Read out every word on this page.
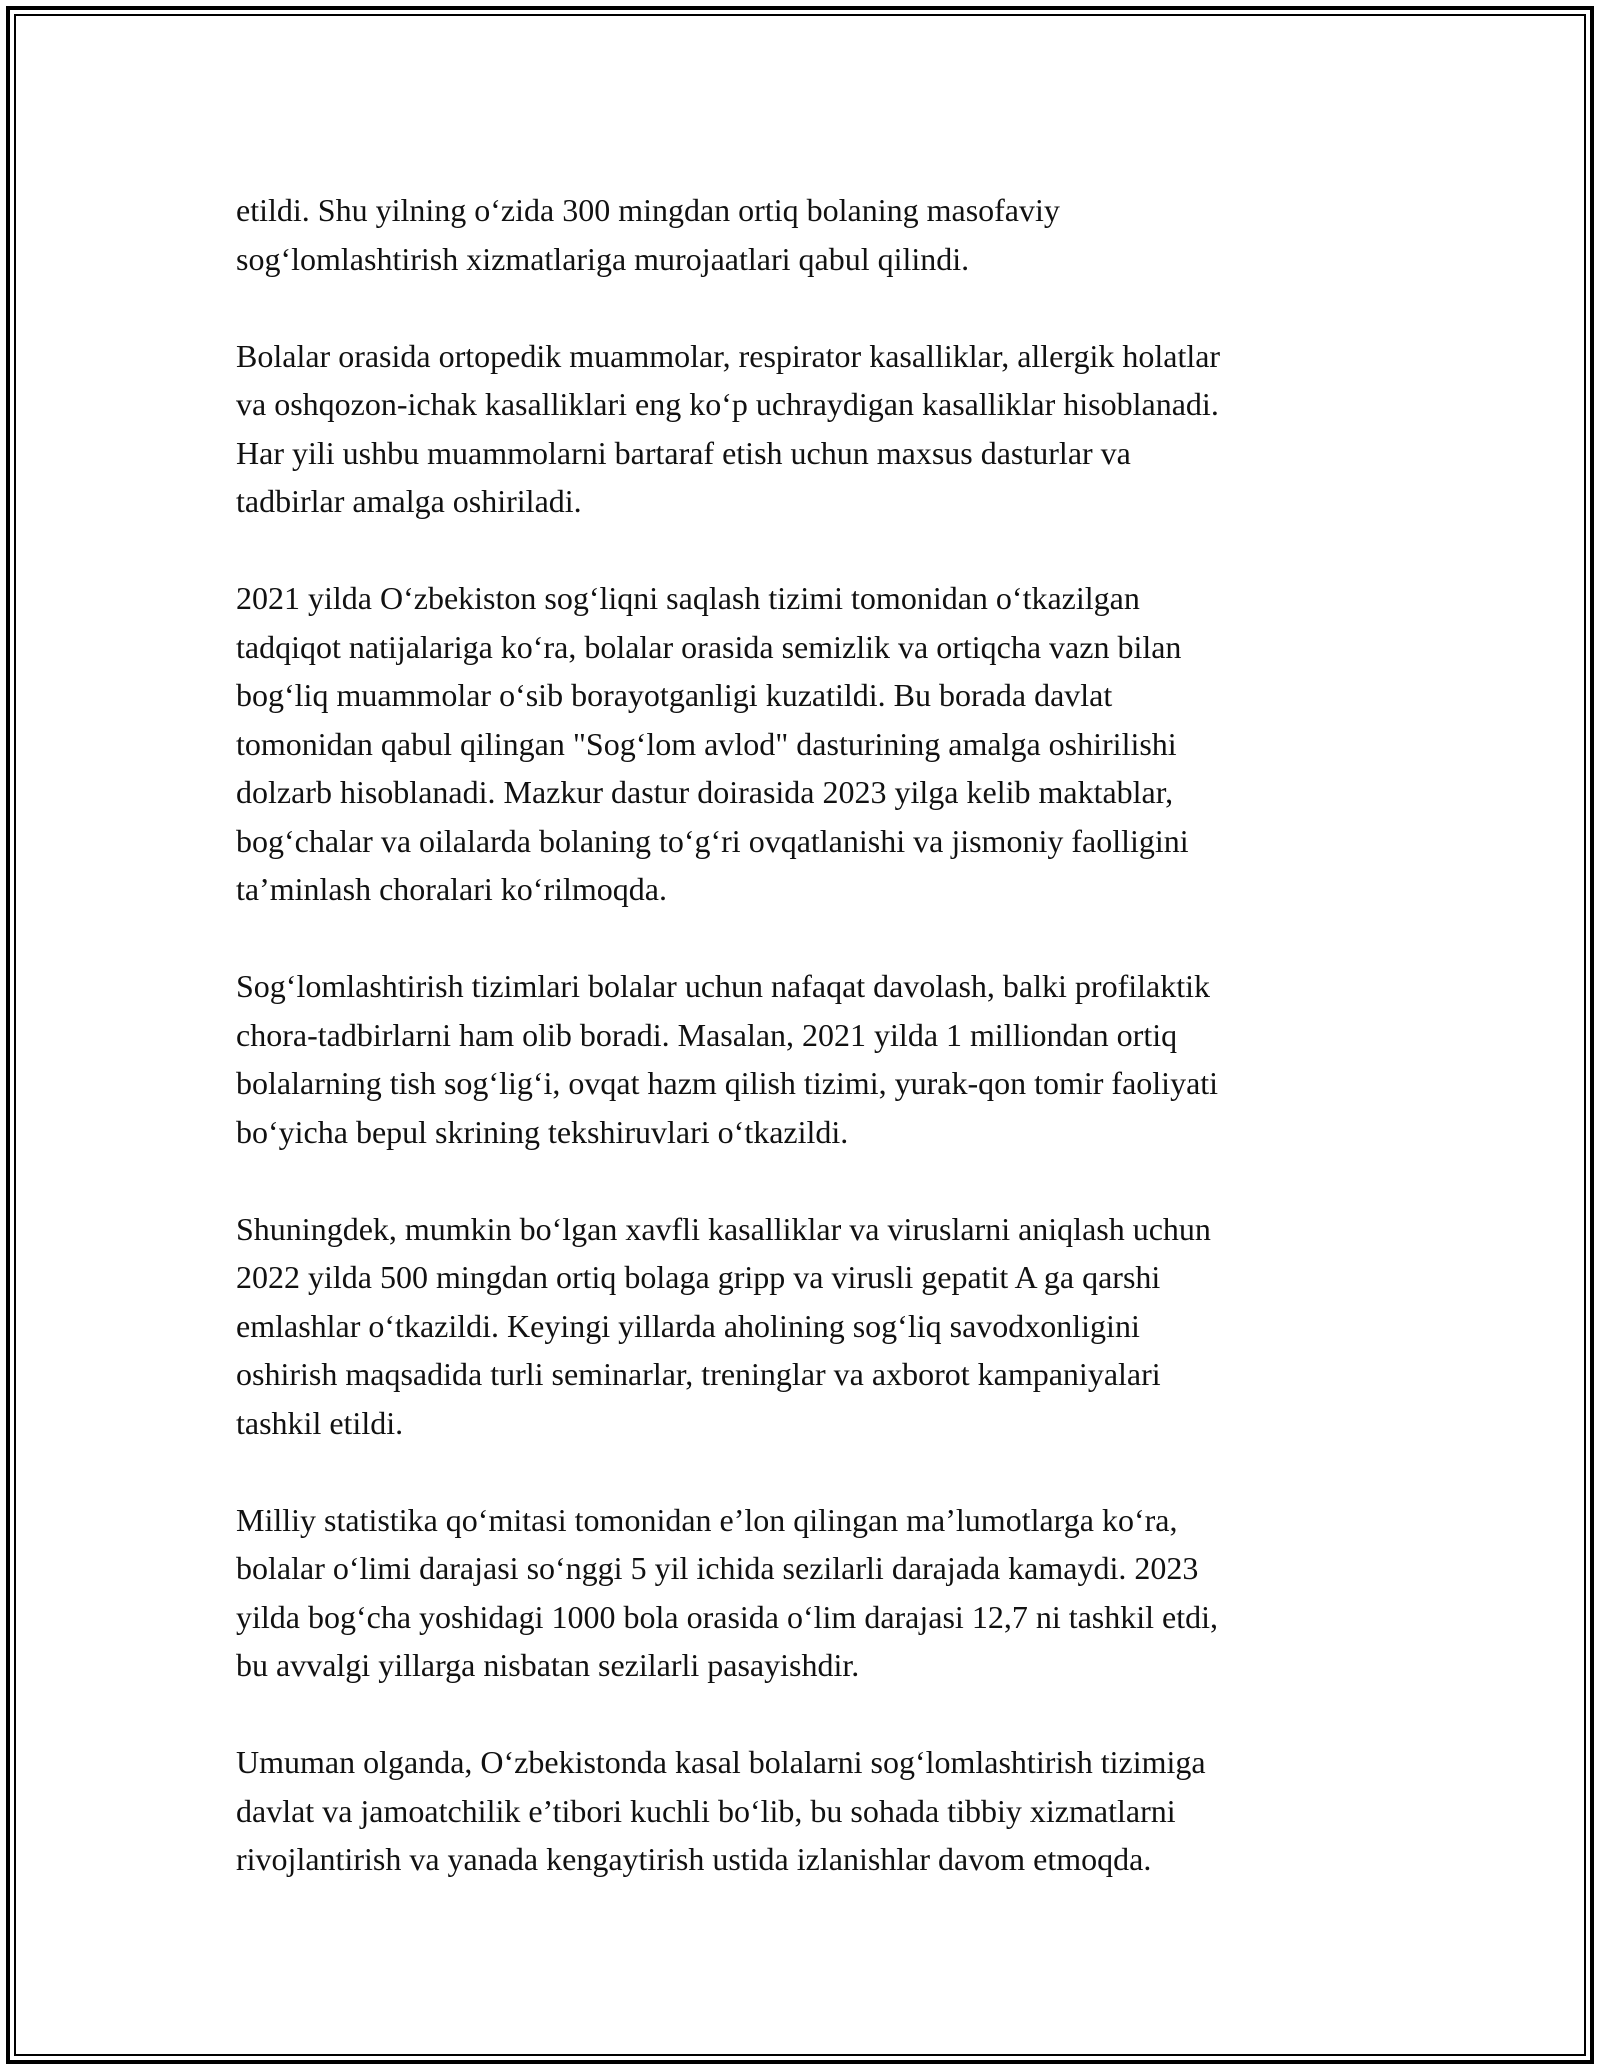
etildi. Shu yilning o‘zida 300 mingdan ortiq bolaning masofaviy
sog‘lomlashtirish xizmatlariga murojaatlari qabul qilindi.

Bolalar orasida ortopedik muammolar, respirator kasalliklar, allergik holatlar
va oshqozon-ichak kasalliklari eng ko‘p uchraydigan kasalliklar hisoblanadi.
Har yili ushbu muammolarni bartaraf etish uchun maxsus dasturlar va
tadbirlar amalga oshiriladi.

2021 yilda O‘zbekiston sog‘liqni saqlash tizimi tomonidan o‘tkazilgan
tadqiqot natijalariga ko‘ra, bolalar orasida semizlik va ortiqcha vazn bilan
bog‘liq muammolar o‘sib borayotganligi kuzatildi. Bu borada davlat
tomonidan qabul qilingan "Sog‘lom avlod" dasturining amalga oshirilishi
dolzarb hisoblanadi. Mazkur dastur doirasida 2023 yilga kelib maktablar,
bog‘chalar va oilalarda bolaning to‘g‘ri ovqatlanishi va jismoniy faolligini
ta’minlash choralari ko‘rilmoqda.

Sog‘lomlashtirish tizimlari bolalar uchun nafaqat davolash, balki profilaktik
chora-tadbirlarni ham olib boradi. Masalan, 2021 yilda 1 milliondan ortiq
bolalarning tish sog‘lig‘i, ovqat hazm qilish tizimi, yurak-qon tomir faoliyati
bo‘yicha bepul skrining tekshiruvlari o‘tkazildi.

Shuningdek, mumkin bo‘lgan xavfli kasalliklar va viruslarni aniqlash uchun
2022 yilda 500 mingdan ortiq bolaga gripp va virusli gepatit A ga qarshi
emlashlar o‘tkazildi. Keyingi yillarda aholining sog‘liq savodxonligini
oshirish maqsadida turli seminarlar, treninglar va axborot kampaniyalari
tashkil etildi.

Milliy statistika qo‘mitasi tomonidan e’lon qilingan ma’lumotlarga ko‘ra,
bolalar o‘limi darajasi so‘nggi 5 yil ichida sezilarli darajada kamaydi. 2023
yilda bog‘cha yoshidagi 1000 bola orasida o‘lim darajasi 12,7 ni tashkil etdi,
bu avvalgi yillarga nisbatan sezilarli pasayishdir.

Umuman olganda, O‘zbekistonda kasal bolalarni sog‘lomlashtirish tizimiga
davlat va jamoatchilik e’tibori kuchli bo‘lib, bu sohada tibbiy xizmatlarni
rivojlantirish va yanada kengaytirish ustida izlanishlar davom etmoqda.
